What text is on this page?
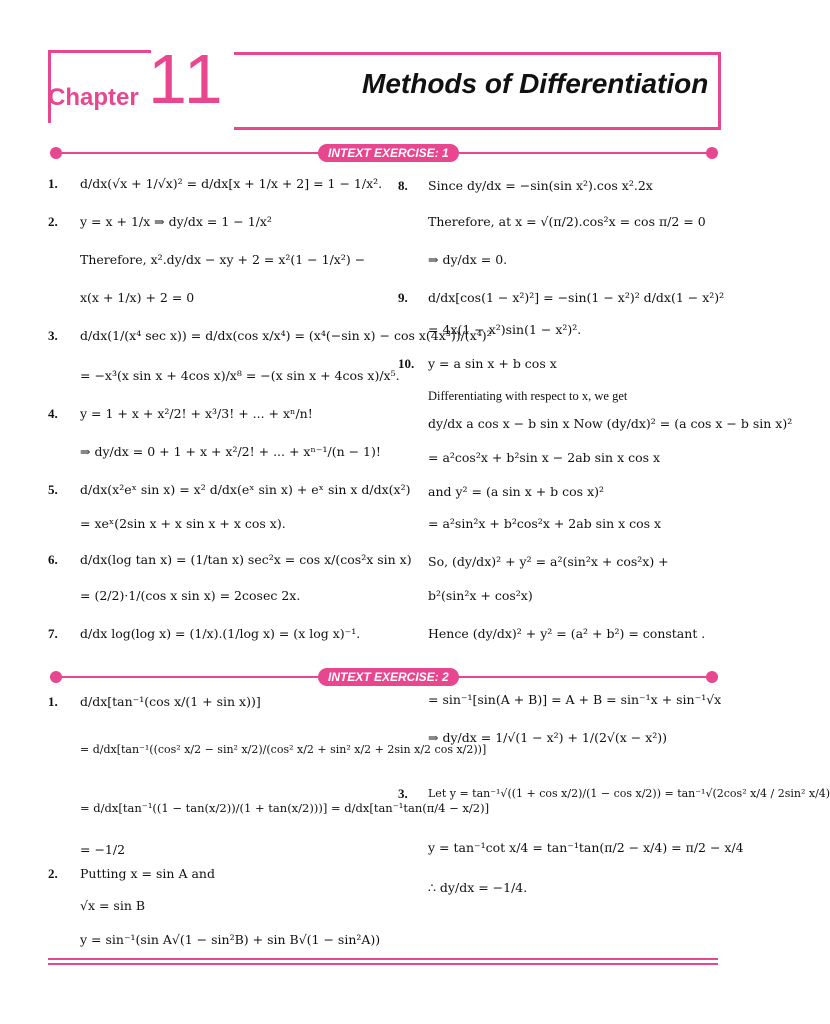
Chapter 11	Methods of Differentiation
INTEXT EXERCISE: 1
1. d/dx(√x + 1/√x)² = d/dx[x + 1/x + 2] = 1 − 1/x².
2. y = x + 1/x ⇒ dy/dx = 1 − 1/x²
Therefore, x².dy/dx − xy + 2 = x²(1 − 1/x²) −
x(x + 1/x) + 2 = 0
3. d/dx(1/(x⁴ sec x)) = d/dx(cos x/x⁴) = (x⁴(−sin x) − cos x(4x³))/(x⁴)²
= −x³(x sin x + 4cos x)/x⁸ = −(x sin x + 4cos x)/x⁵.
4. y = 1 + x + x²/2! + x³/3! + ... + xⁿ/n!
⇒ dy/dx = 0 + 1 + x + x²/2! + ... + xⁿ⁻¹/(n − 1)!
5. d/dx(x²eˣ sin x) = x² d/dx(eˣ sin x) + eˣ sin x d/dx(x²)
= xeˣ(2sin x + x sin x + x cos x).
6. d/dx(log tan x) = (1/tan x) sec²x = cos x/(cos²x sin x)
= (2/2)·1/(cos x sin x) = 2cosec 2x.
7. d/dx log(log x) = (1/x).(1/log x) = (x log x)⁻¹.
8. Since dy/dx = −sin(sin x²).cos x².2x
Therefore, at x = √(π/2).cos²x = cos π/2 = 0
⇒ dy/dx = 0.
9. d/dx[cos(1 − x²)²] = −sin(1 − x²)² d/dx(1 − x²)²
= 4x(1 − x²)sin(1 − x²)².
10. y = a sin x + b cos x
Differentiating with respect to x, we get
dy/dx a cos x − b sin x Now (dy/dx)² = (a cos x − b sin x)²
= a²cos²x + b²sin x − 2ab sin x cos x
and y² = (a sin x + b cos x)²
= a²sin²x + b²cos²x + 2ab sin x cos x
So, (dy/dx)² + y² = a²(sin²x + cos²x) +
b²(sin²x + cos²x)
Hence (dy/dx)² + y² = (a² + b²) = constant .
INTEXT EXERCISE: 2
1. d/dx[tan⁻¹(cos x/(1 + sin x))]
= d/dx[tan⁻¹((cos² x/2 − sin² x/2)/(cos² x/2 + sin² x/2 + 2sin x/2 cos x/2))]
= d/dx[tan⁻¹((1 − tan(x/2))/(1 + tan(x/2)))] = d/dx[tan⁻¹tan(π/4 − x/2)]
= −1/2
2. Putting x = sin A and
√x = sin B
y = sin⁻¹(sin A√(1 − sin²B) + sin B√(1 − sin²A))
= sin⁻¹[sin(A + B)] = A + B = sin⁻¹x + sin⁻¹√x
⇒ dy/dx = 1/√(1 − x²) + 1/(2√(x − x²))
3. Let y = tan⁻¹√((1 + cos x/2)/(1 − cos x/2)) = tan⁻¹√(2cos² x/4 / 2sin² x/4)
y = tan⁻¹cot x/4 = tan⁻¹tan(π/2 − x/4) = π/2 − x/4
∴ dy/dx = −1/4.
